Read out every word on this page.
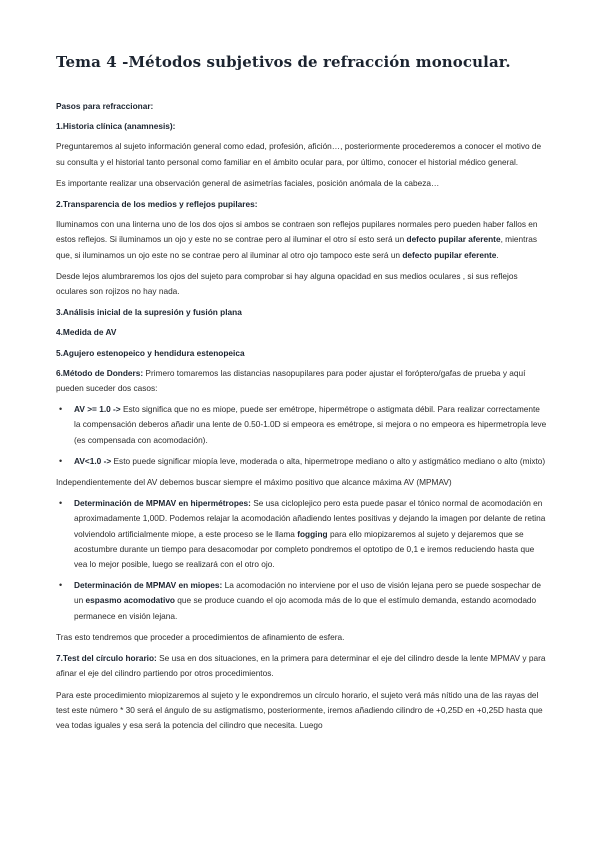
Tema 4 -Métodos subjetivos de refracción monocular.

Pasos para refraccionar:

1.Historia clínica (anamnesis):

Preguntaremos al sujeto información general como edad, profesión, afición…, posteriormente procederemos a conocer el motivo de su consulta y el historial tanto personal como familiar en el ámbito ocular para, por último, conocer el historial médico general.

Es importante realizar una observación general de asimetrías faciales, posición anómala de la cabeza…

2.Transparencia de los medios y reflejos pupilares:

Iluminamos con una linterna uno de los dos ojos si ambos se contraen son reflejos pupilares normales pero pueden haber fallos en estos reflejos. Si iluminamos un ojo y este no se contrae pero al iluminar el otro sí esto será un defecto pupilar aferente, mientras que, si iluminamos un ojo este no se contrae pero al iluminar al otro ojo tampoco este será un defecto pupilar eferente.

Desde lejos alumbraremos los ojos del sujeto para comprobar si hay alguna opacidad en sus medios oculares , si sus reflejos oculares son rojizos no hay nada.

3.Análisis inicial de la supresión y fusión plana

4.Medida de AV

5.Agujero estenopeico y hendidura estenopeica

6.Método de Donders: Primero tomaremos las distancias nasopupilares para poder ajustar el foróptero/gafas de prueba y aquí pueden suceder dos casos:

• AV >= 1.0 -> Esto significa que no es miope, puede ser emétrope, hipermétrope o astigmata débil. Para realizar correctamente la compensación deberos añadir una lente de 0.50-1.0D si empeora es emétrope, si mejora o no empeora es hipermetropía leve (es compensada con acomodación).
• AV<1.0 -> Esto puede significar miopía leve, moderada o alta, hipermetrope mediano o alto y astigmático mediano o alto (mixto)

Independientemente del AV debemos buscar siempre el máximo positivo que alcance máxima AV (MPMAV)

• Determinación de MPMAV en hipermétropes: Se usa cicloplejico pero esta puede pasar el tónico normal de acomodación en aproximadamente 1,00D. Podemos relajar la acomodación añadiendo lentes positivas y dejando la imagen por delante de retina volviendolo artificialmente miope, a este proceso se le llama fogging para ello miopizaremos al sujeto y dejaremos que se acostumbre durante un tiempo para desacomodar por completo pondremos el optotipo de 0,1 e iremos reduciendo hasta que vea lo mejor posible, luego se realizará con el otro ojo.
• Determinación de MPMAV en miopes: La acomodación no interviene por el uso de visión lejana pero se puede sospechar de un espasmo acomodativo que se produce cuando el ojo acomoda más de lo que el estímulo demanda, estando acomodado permanece en visión lejana.

Tras esto tendremos que proceder a procedimientos de afinamiento de esfera.

7.Test del círculo horario: Se usa en dos situaciones, en la primera para determinar el eje del cilindro desde la lente MPMAV y para afinar el eje del cilindro partiendo por otros procedimientos.

Para este procedimiento miopizaremos al sujeto y le expondremos un círculo horario, el sujeto verá más nítido una de las rayas del test este número * 30 será el ángulo de su astigmatismo, posteriormente, iremos añadiendo cilindro de +0,25D en +0,25D hasta que vea todas iguales y esa será la potencia del cilindro que necesita. Luego
